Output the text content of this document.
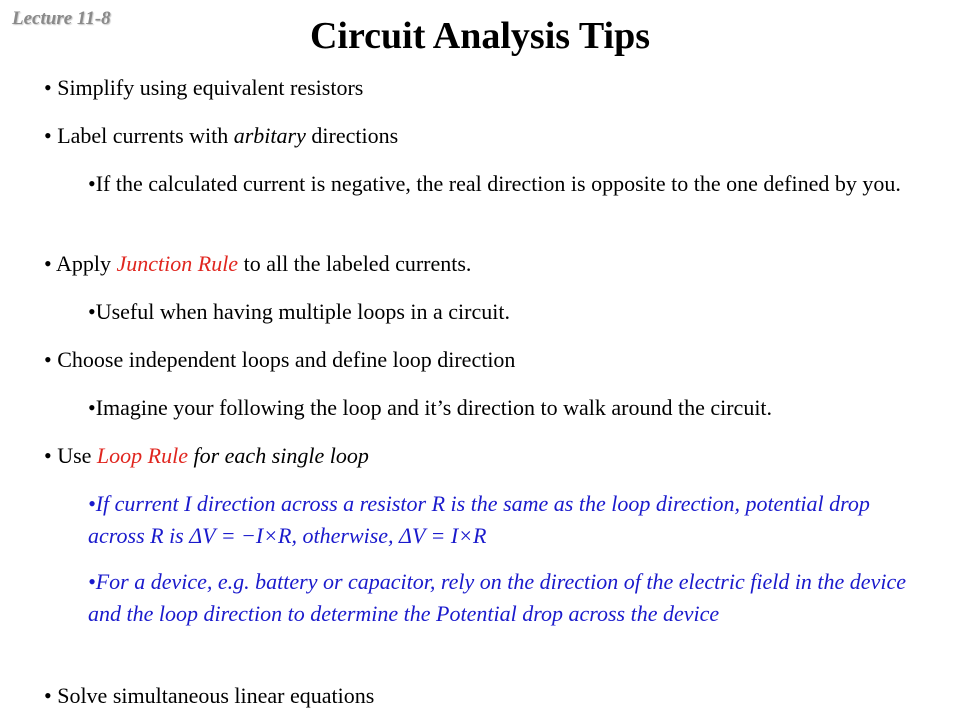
Lecture 11-8	Circuit Analysis Tips
• Simplify using equivalent resistors
• Label currents with arbitary directions
•If the calculated current is negative, the real direction is opposite to the one defined by you.
• Apply Junction Rule to all the labeled currents.
•Useful when having multiple loops in a circuit.
• Choose independent loops and define loop direction
•Imagine your following the loop and it’s direction to walk around the circuit.
• Use Loop Rule for each single loop
•If current I direction across a resistor R is the same as the loop direction, potential drop across R is ΔV = −I×R, otherwise, ΔV = I×R
•For a device, e.g. battery or capacitor, rely on the direction of the electric field in the device and the loop direction to determine the Potential drop across the device
• Solve simultaneous linear equations
